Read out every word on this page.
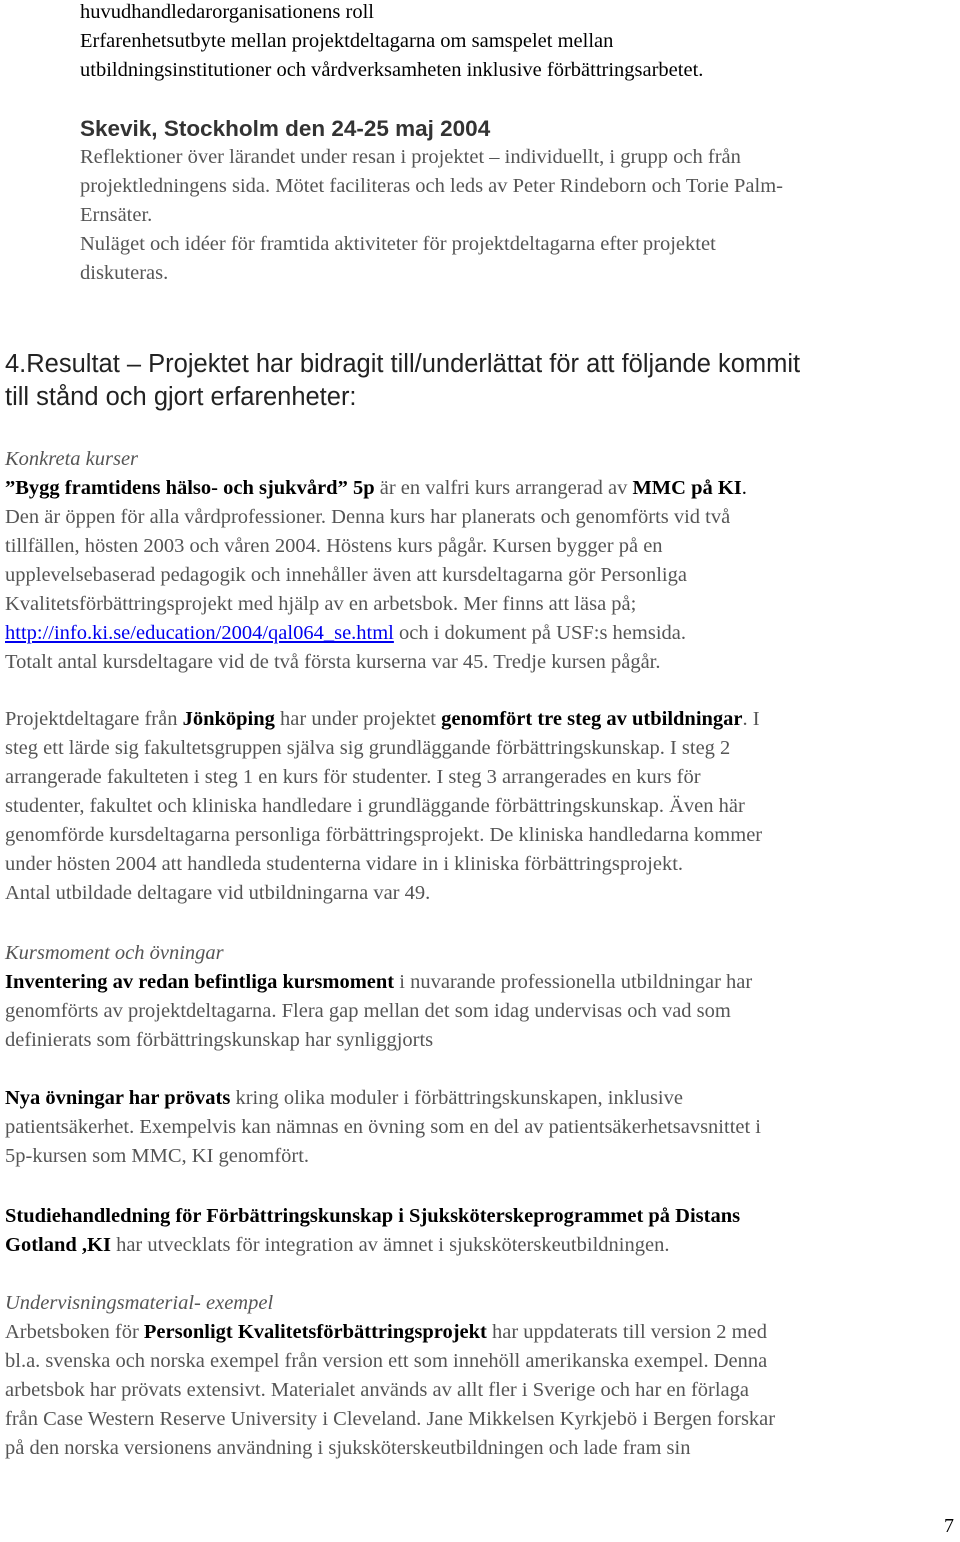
huvudhandledarorganisationens roll

Erfarenhetsutbyte mellan projektdeltagarna om samspelet mellan

utbildningsinstitutioner och vårdverksamheten inklusive förbättringsarbetet.

Skevik, Stockholm den 24-25 maj 2004

Reflektioner över lärandet under resan i projektet – individuellt, i grupp och från

projektledningens sida. Mötet faciliteras och leds av Peter Rindeborn och Torie Palm-

Ernsäter.

Nuläget och idéer för framtida aktiviteter för projektdeltagarna efter projektet

diskuteras.

4.Resultat – Projektet har bidragit till/underlättat för att följande kommit

till stånd och gjort erfarenheter:

Konkreta kurser

”Bygg framtidens hälso- och sjukvård” 5p är en valfri kurs arrangerad av MMC på KI.

Den är öppen för alla vårdprofessioner. Denna kurs har planerats och genomförts vid två

tillfällen, hösten 2003 och våren 2004. Höstens kurs pågår. Kursen bygger på en

upplevelsebaserad pedagogik och innehåller även att kursdeltagarna gör Personliga

Kvalitetsförbättringsprojekt med hjälp av en arbetsbok. Mer finns att läsa på;

http://info.ki.se/education/2004/qal064_se.html och i dokument på USF:s hemsida.

Totalt antal kursdeltagare vid de två första kurserna var 45. Tredje kursen pågår.

Projektdeltagare från Jönköping har under projektet genomfört tre steg av utbildningar. I

steg ett lärde sig fakultetsgruppen själva sig grundläggande förbättringskunskap. I steg 2

arrangerade fakulteten i steg 1 en kurs för studenter. I steg 3 arrangerades en kurs för

studenter, fakultet och kliniska handledare i grundläggande förbättringskunskap. Även här

genomförde kursdeltagarna personliga förbättringsprojekt. De kliniska handledarna kommer

under hösten 2004 att handleda studenterna vidare in i kliniska förbättringsprojekt.

Antal utbildade deltagare vid utbildningarna var 49.

Kursmoment och övningar

Inventering av redan befintliga kursmoment i nuvarande professionella utbildningar har

genomförts av projektdeltagarna. Flera gap mellan det som idag undervisas och vad som

definierats som förbättringskunskap har synliggjorts

Nya övningar har prövats kring olika moduler i förbättringskunskapen, inklusive

patientsäkerhet. Exempelvis kan nämnas en övning som en del av patientsäkerhetsavsnittet i

5p-kursen som MMC, KI genomfört.

Studiehandledning för Förbättringskunskap i Sjuksköterskeprogrammet på Distans

Gotland ,KI har utvecklats för integration av ämnet i sjuksköterskeutbildningen.

Undervisningsmaterial- exempel

Arbetsboken för Personligt Kvalitetsförbättringsprojekt har uppdaterats till version 2 med

bl.a. svenska och norska exempel från version ett som innehöll amerikanska exempel. Denna

arbetsbok har prövats extensivt. Materialet används av allt fler i Sverige och har en förlaga

från Case Western Reserve University i Cleveland. Jane Mikkelsen Kyrkjebö i Bergen forskar

på den norska versionens användning i sjuksköterskeutbildningen och lade fram sin

7
